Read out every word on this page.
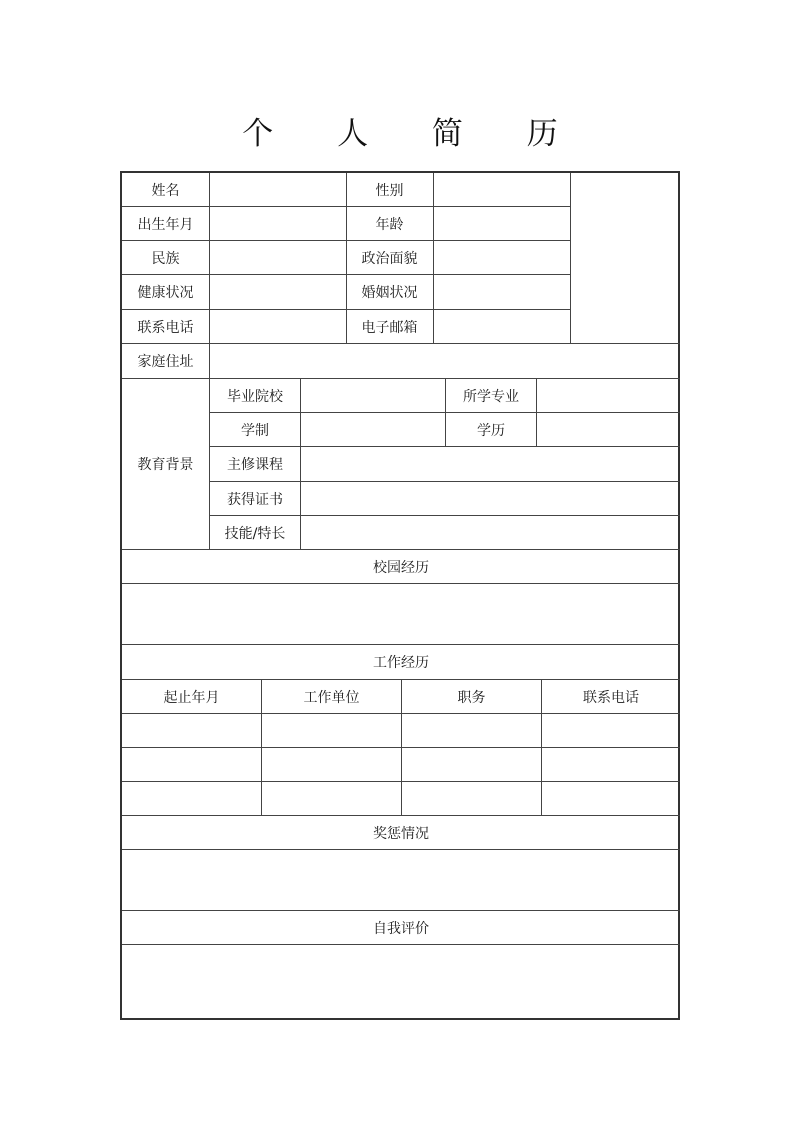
个 人 简 历
姓名	性别
出生年月	年龄
民族	政治面貌
健康状况	婚姻状况
联系电话	电子邮箱
家庭住址
教育背景
毕业院校	所学专业
学制	学历
主修课程
获得证书
技能/特长
校园经历
工作经历
起止年月	工作单位	职务	联系电话
奖惩情况
自我评价
